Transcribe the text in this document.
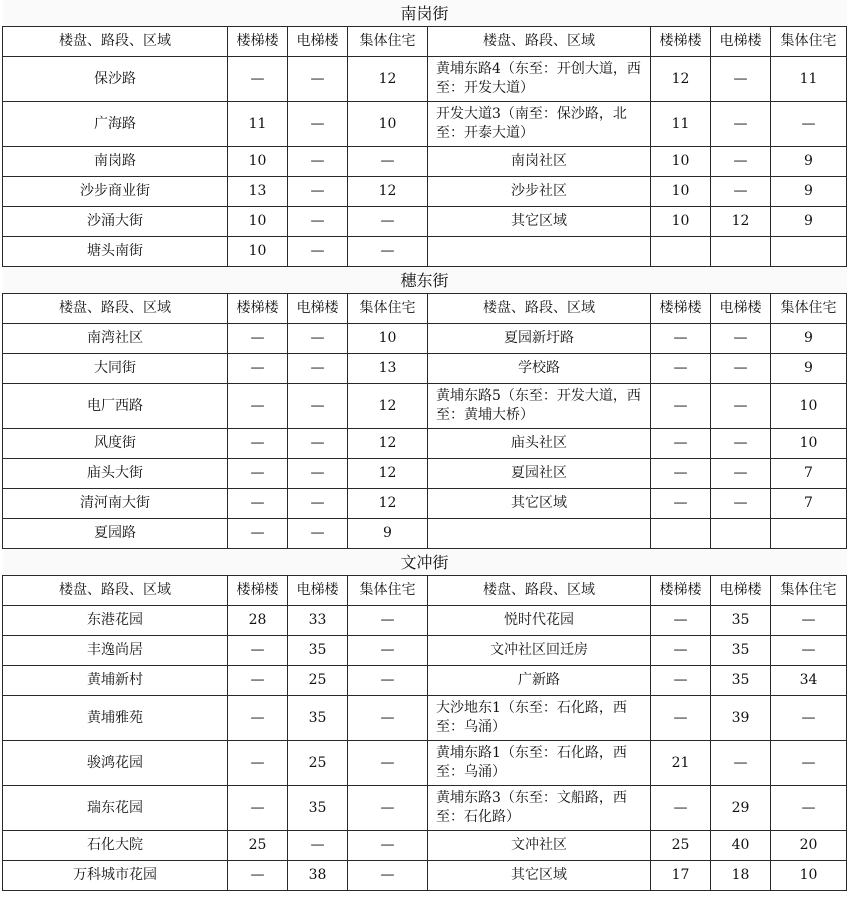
南岗街							
楼盘、路段、区域	楼梯楼	电梯楼	集体住宅	楼盘、路段、区域	楼梯楼	电梯楼	集体住宅
保沙路	—	—	12	黄埔东路4（东至：开创大道，西至：开发大道）	12	—	11
广海路	11	—	10	开发大道3（南至：保沙路，北至：开泰大道）	11	—	—
南岗路	10	—	—	南岗社区	10	—	9
沙步商业街	13	—	12	沙步社区	10	—	9
沙涌大街	10	—	—	其它区域	10	12	9
塘头南街	10	—	—				
穗东街							
楼盘、路段、区域	楼梯楼	电梯楼	集体住宅	楼盘、路段、区域	楼梯楼	电梯楼	集体住宅
南湾社区	—	—	10	夏园新圩路	—	—	9
大同街	—	—	13	学校路	—	—	9
电厂西路	—	—	12	黄埔东路5（东至：开发大道，西至：黄埔大桥）	—	—	10
风度街	—	—	12	庙头社区	—	—	10
庙头大街	—	—	12	夏园社区	—	—	7
清河南大街	—	—	12	其它区域	—	—	7
夏园路	—	—	9				
文冲街							
楼盘、路段、区域	楼梯楼	电梯楼	集体住宅	楼盘、路段、区域	楼梯楼	电梯楼	集体住宅
东港花园	28	33	—	悦时代花园	—	35	—
丰逸尚居	—	35	—	文冲社区回迁房	—	35	—
黄埔新村	—	25	—	广新路	—	35	34
黄埔雅苑	—	35	—	大沙地东1（东至：石化路，西至：乌涌）	—	39	—
骏鸿花园	—	25	—	黄埔东路1（东至：石化路，西至：乌涌）	21	—	—
瑞东花园	—	35	—	黄埔东路3（东至：文船路，西至：石化路）	—	29	—
石化大院	25	—	—	文冲社区	25	40	20
万科城市花园	—	38	—	其它区域	17	18	10
